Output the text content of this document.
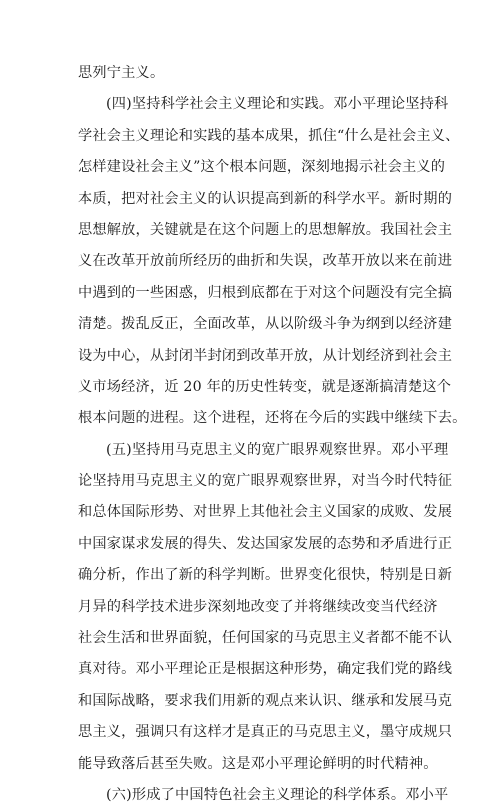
思列宁主义。
(四)坚持科学社会主义理论和实践。邓小平理论坚持科
学社会主义理论和实践的基本成果，抓住“什么是社会主义、
怎样建设社会主义”这个根本问题，深刻地揭示社会主义的
本质，把对社会主义的认识提高到新的科学水平。新时期的
思想解放，关键就是在这个问题上的思想解放。我国社会主
义在改革开放前所经历的曲折和失误，改革开放以来在前进
中遇到的一些困惑，归根到底都在于对这个问题没有完全搞
清楚。拨乱反正，全面改革，从以阶级斗争为纲到以经济建
设为中心，从封闭半封闭到改革开放，从计划经济到社会主
义市场经济，近 20 年的历史性转变，就是逐渐搞清楚这个
根本问题的进程。这个进程，还将在今后的实践中继续下去。
(五)坚持用马克思主义的宽广眼界观察世界。邓小平理
论坚持用马克思主义的宽广眼界观察世界，对当今时代特征
和总体国际形势、对世界上其他社会主义国家的成败、发展
中国家谋求发展的得失、发达国家发展的态势和矛盾进行正
确分析，作出了新的科学判断。世界变化很快，特别是日新
月异的科学技术进步深刻地改变了并将继续改变当代经济
社会生活和世界面貌，任何国家的马克思主义者都不能不认
真对待。邓小平理论正是根据这种形势，确定我们党的路线
和国际战略，要求我们用新的观点来认识、继承和发展马克
思主义，强调只有这样才是真正的马克思主义，墨守成规只
能导致落后甚至失败。这是邓小平理论鲜明的时代精神。
(六)形成了中国特色社会主义理论的科学体系。邓小平
